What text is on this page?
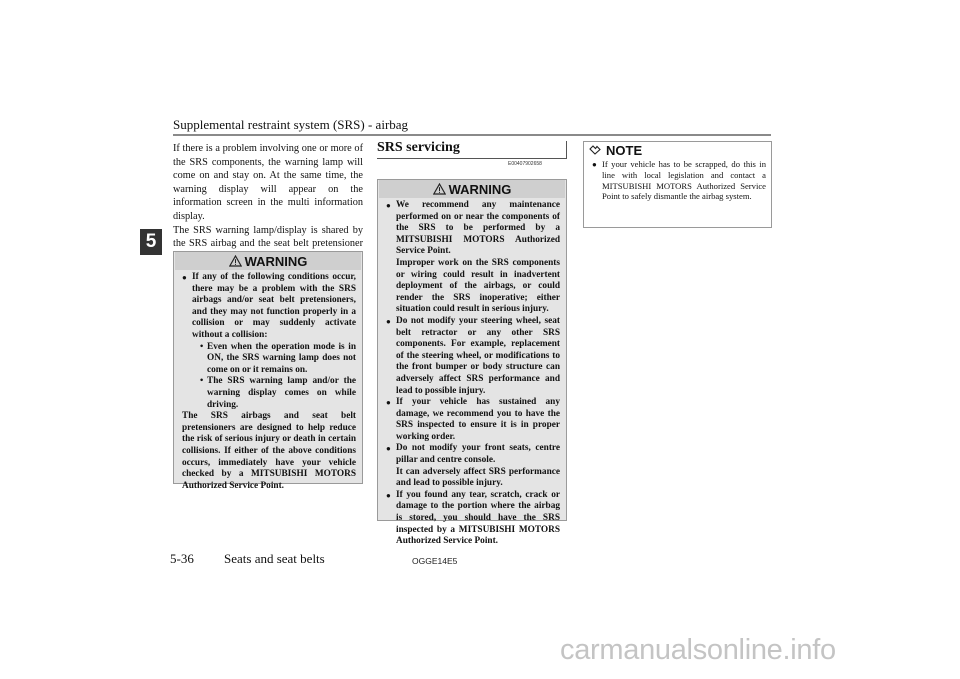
Supplemental restraint system (SRS) - airbag
5

If there is a problem involving one or more of the SRS components, the warning lamp will come on and stay on. At the same time, the warning display will appear on the information screen in the multi information display.

The SRS warning lamp/display is shared by the SRS airbag and the seat belt pretensioner

WARNING
● If any of the following conditions occur, there may be a problem with the SRS airbags and/or seat belt pretensioners, and they may not function properly in a collision or may suddenly activate without a collision:

• Even when the operation mode is in ON, the SRS warning lamp does not come on or it remains on.
• The SRS warning lamp and/or the warning display comes on while driving.

The SRS airbags and seat belt pretensioners are designed to help reduce the risk of serious injury or death in certain collisions. If either of the above conditions occurs, immediately have your vehicle checked by a MITSUBISHI MOTORS Authorized Service Point.

SRS servicing
E00407902658
WARNING
● We recommend any maintenance performed on or near the components of the SRS to be performed by a MITSUBISHI MOTORS Authorized Service Point.

Improper work on the SRS components or wiring could result in inadvertent deployment of the airbags, or could render the SRS inoperative; either situation could result in serious injury.

● Do not modify your steering wheel, seat belt retractor or any other SRS components. For example, replacement of the steering wheel, or modifications to the front bumper or body structure can adversely affect SRS performance and lead to possible injury.

● If your vehicle has sustained any damage, we recommend you to have the SRS inspected to ensure it is in proper working order.

● Do not modify your front seats, centre pillar and centre console.

It can adversely affect SRS performance and lead to possible injury.

● If you found any tear, scratch, crack or damage to the portion where the airbag is stored, you should have the SRS inspected by a MITSUBISHI MOTORS Authorized Service Point.

NOTE
● If your vehicle has to be scrapped, do this in line with local legislation and contact a MITSUBISHI MOTORS Authorized Service Point to safely dismantle the airbag system.

5-36 Seats and seat belts	OGGE14E5
carmanualsonline.info
